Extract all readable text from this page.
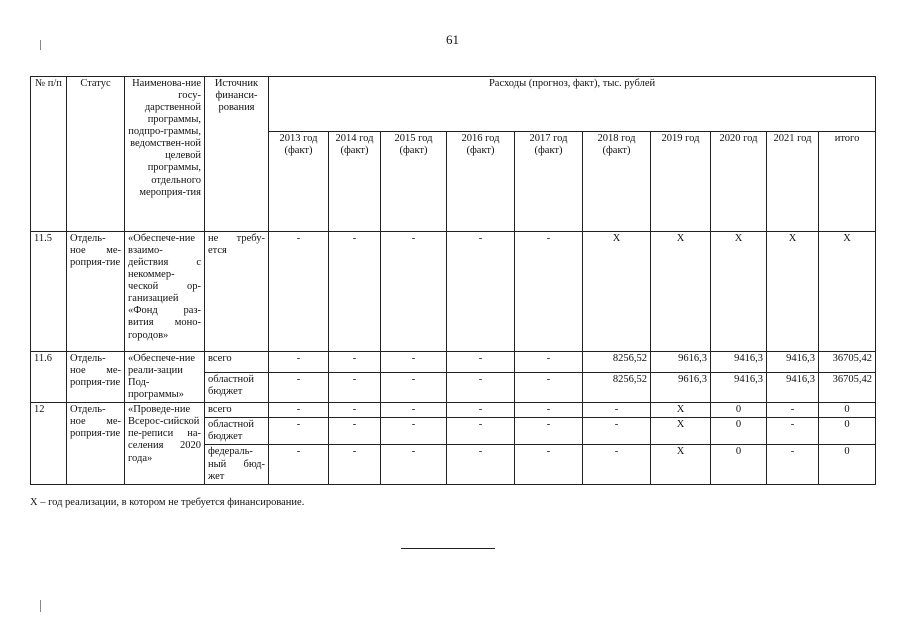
61
№ п/п	Статус	Наименова-ние госу-дарственной программы, подпро-граммы, ведомствен-ной целевой программы, отдельного мероприя-тия	Источник финанси-рования	Расходы (прогноз, факт), тыс. рублей									
				2013 год (факт)	2014 год (факт)	2015 год (факт)	2016 год (факт)	2017 год (факт)	2018 год (факт)	2019 год	2020 год	2021 год	итого
11.5	Отдель-ное ме-роприя-тие	«Обеспече-ние взаимо-действия с некоммер-ческой ор-ганизацией «Фонд раз-вития моно-городов»	не требу-ется	-	-	-	-	-	X	X	X	X	X
11.6	Отдель-ное ме-роприя-тие	«Обеспече-ние реали-зации Под-программы»	всего	-	-	-	-	-	8256,52	9616,3	9416,3	9416,3	36705,42
			областной бюджет	-	-	-	-	-	8256,52	9616,3	9416,3	9416,3	36705,42
12	Отдель-ное ме-роприя-тие	«Проведе-ние Всерос-сийской пе-реписи на-селения 2020 года»	всего	-	-	-	-	-	-	X	0	-	0
			областной бюджет	-	-	-	-	-	-	X	0	-	0
			федераль-ный бюд-жет	-	-	-	-	-	-	X	0	-	0
X – год реализации, в котором не требуется финансирование.
